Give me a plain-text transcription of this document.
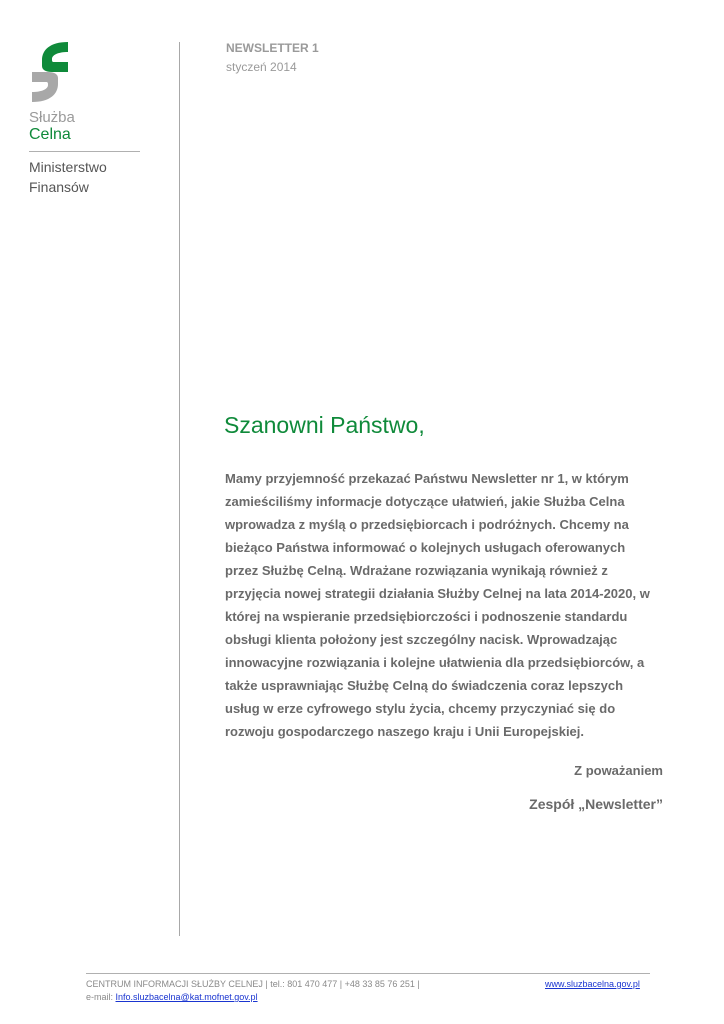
Służba
Celna
Ministerstwo
Finansów
NEWSLETTER 1
styczeń 2014
Szanowni Państwo,
Mamy przyjemność przekazać Państwu Newsletter nr 1, w którym
zamieściliśmy informacje dotyczące ułatwień, jakie Służba Celna
wprowadza z myślą o przedsiębiorcach i podróżnych. Chcemy na
bieżąco Państwa informować o kolejnych usługach oferowanych
przez Służbę Celną. Wdrażane rozwiązania wynikają również z
przyjęcia nowej strategii działania Służby Celnej na lata 2014-2020, w
której na wspieranie przedsiębiorczości i podnoszenie standardu
obsługi klienta położony jest szczególny nacisk. Wprowadzając
innowacyjne rozwiązania i kolejne ułatwienia dla przedsiębiorców, a
także usprawniając Służbę Celną do świadczenia coraz lepszych
usług w erze cyfrowego stylu życia, chcemy przyczyniać się do
rozwoju gospodarczego naszego kraju i Unii Europejskiej.
Z poważaniem
Zespół „Newsletter”
CENTRUM INFORMACJI SŁUŻBY CELNEJ | tel.: 801 470 477 | +48 33 85 76 251 |	www.sluzbacelna.gov.pl
e-mail: Info.sluzbacelna@kat.mofnet.gov.pl
